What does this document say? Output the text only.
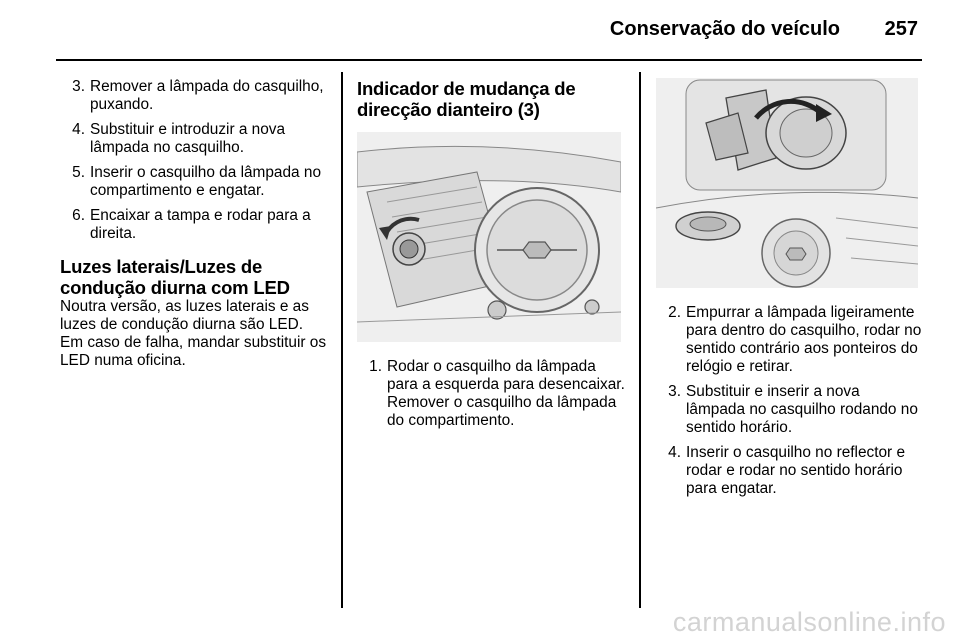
Conservação do veículo 257
3. Remover a lâmpada do casquilho, puxando.
4. Substituir e introduzir a nova lâmpada no casquilho.
5. Inserir o casquilho da lâmpada no compartimento e engatar.
6. Encaixar a tampa e rodar para a direita.
Luzes laterais/Luzes de condução diurna com LED

Noutra versão, as luzes laterais e as luzes de condução diurna são LED. Em caso de falha, mandar substituir os LED numa oficina.

Indicador de mudança de direcção dianteiro (3)
1. Rodar o casquilho da lâmpada para a esquerda para desencaixar. Remover o casquilho da lâmpada do compartimento.
2. Empurrar a lâmpada ligeiramente para dentro do casquilho, rodar no sentido contrário aos ponteiros do relógio e retirar.
3. Substituir e inserir a nova lâmpada no casquilho rodando no sentido horário.
4. Inserir o casquilho no reflector e rodar e rodar no sentido horário para engatar.
carmanualsonline.info
